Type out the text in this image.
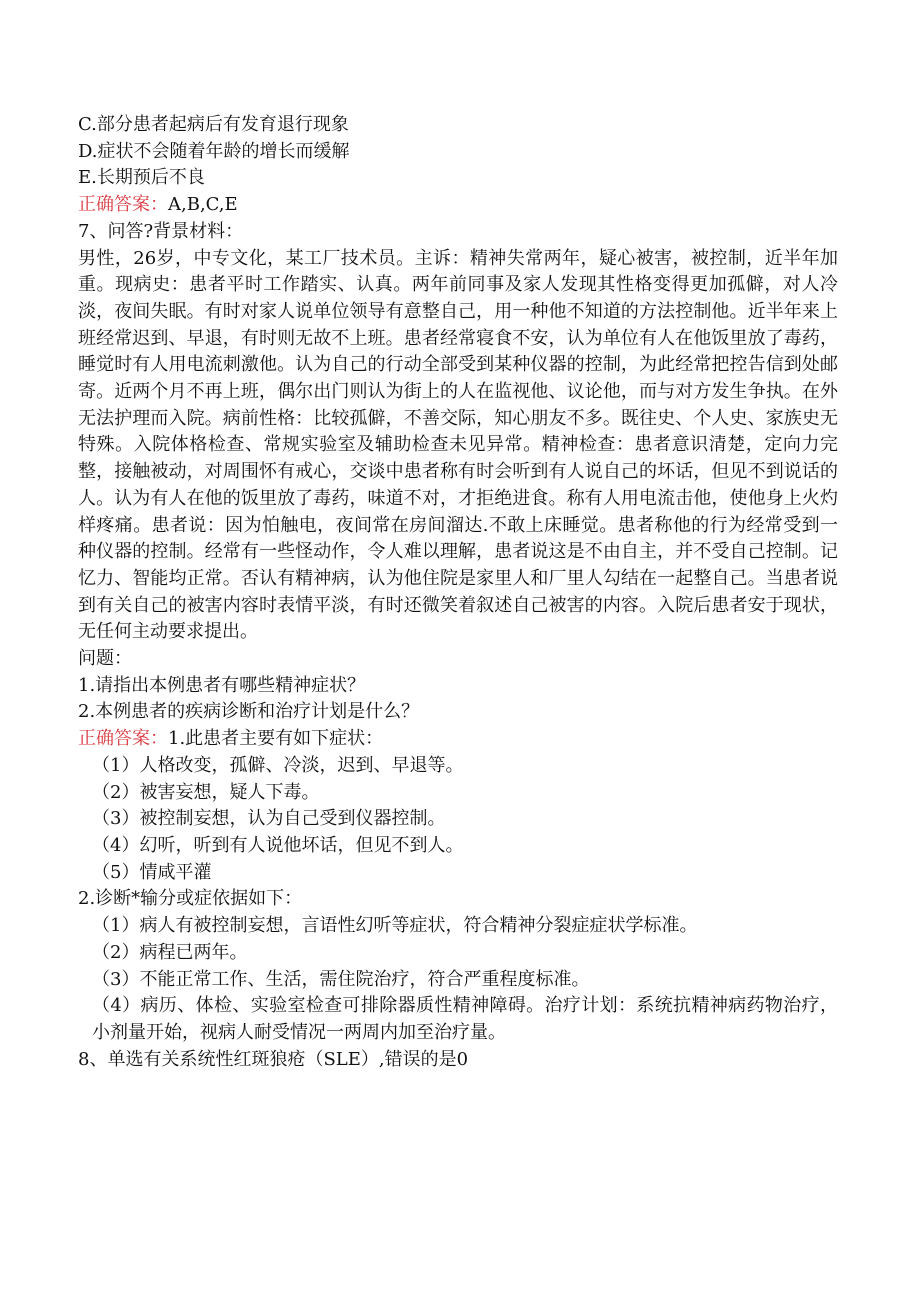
C.部分患者起病后有发育退行现象
D.症状不会随着年龄的增长而缓解
E.长期预后不良
正确答案：A,B,C,E
7、问答?背景材料：
男性，26岁，中专文化，某工厂技术员。主诉：精神失常两年，疑心被害，被控制，近半年加重。现病史：患者平时工作踏实、认真。两年前同事及家人发现其性格变得更加孤僻，对人冷淡，夜间失眠。有时对家人说单位领导有意整自己，用一种他不知道的方法控制他。近半年来上班经常迟到、早退，有时则无故不上班。患者经常寝食不安，认为单位有人在他饭里放了毒药，睡觉时有人用电流刺激他。认为自己的行动全部受到某种仪器的控制，为此经常把控告信到处邮寄。近两个月不再上班，偶尔出门则认为街上的人在监视他、议论他，而与对方发生争执。在外无法护理而入院。病前性格：比较孤僻，不善交际，知心朋友不多。既往史、个人史、家族史无特殊。入院体格检查、常规实验室及辅助检查未见异常。精神检查：患者意识清楚，定向力完整，接触被动，对周围怀有戒心，交谈中患者称有时会听到有人说自己的坏话，但见不到说话的人。认为有人在他的饭里放了毒药，味道不对，才拒绝进食。称有人用电流击他，使他身上火灼样疼痛。患者说：因为怕触电，夜间常在房间溜达.不敢上床睡觉。患者称他的行为经常受到一种仪器的控制。经常有一些怪动作，令人难以理解，患者说这是不由自主，并不受自己控制。记忆力、智能均正常。否认有精神病，认为他住院是家里人和厂里人勾结在一起整自己。当患者说到有关自己的被害内容时表情平淡，有时还微笑着叙述自己被害的内容。入院后患者安于现状，无任何主动要求提出。
问题：
1.请指出本例患者有哪些精神症状？
2.本例患者的疾病诊断和治疗计划是什么？
正确答案：1.此患者主要有如下症状：
（1）人格改变，孤僻、冷淡，迟到、早退等。
（2）被害妄想，疑人下毒。
（3）被控制妄想，认为自己受到仪器控制。
（4）幻听，听到有人说他坏话，但见不到人。
（5）情咸平灌
2.诊断*输分或症依据如下：
（1）病人有被控制妄想，言语性幻听等症状，符合精神分裂症症状学标准。
（2）病程已两年。
（3）不能正常工作、生活，需住院治疗，符合严重程度标准。
（4）病历、体检、实验室检查可排除器质性精神障碍。治疗计划：系统抗精神病药物治疗，小剂量开始，视病人耐受情况一两周内加至治疗量。
8、单选有关系统性红斑狼疮（SLE）,错误的是0
